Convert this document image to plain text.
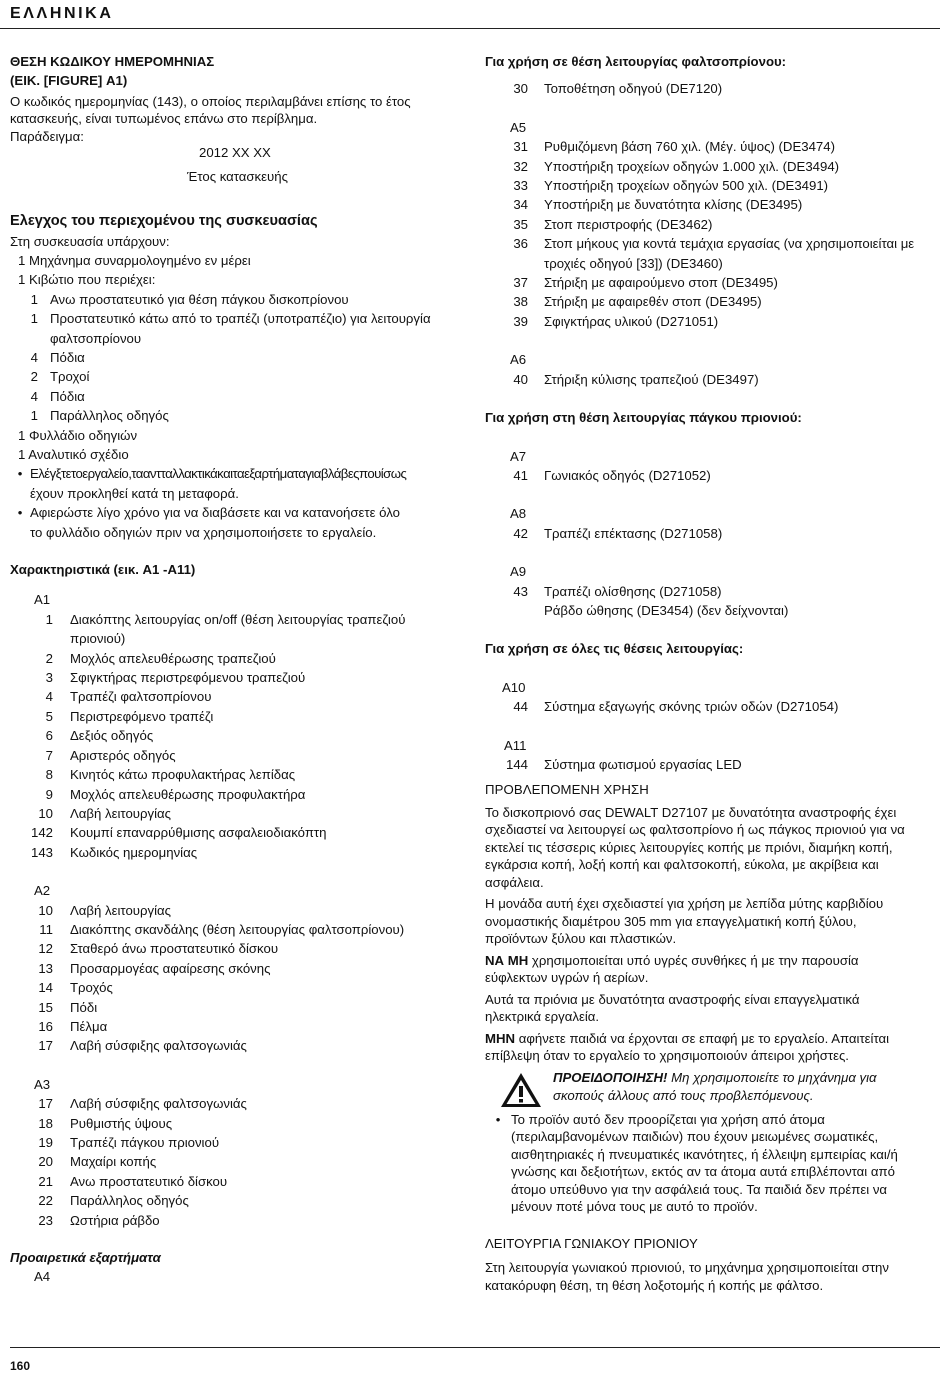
ΕΛΛΗΝΙΚΑ

ΘΕΣΗ ΚΩΔΙΚΟΥ ΗΜΕΡΟΜΗΝΙΑΣ

(ΕΙΚ. [FIGURE] A1)

Ο κωδικός ημερομηνίας (143), ο οποίος περιλαμβάνει επίσης το έτος

κατασκευής, είναι τυπωμένος επάνω στο περίβλημα.

Παράδειγμα:

2012 XX XX

Έτος κατασκευής

Ελεγχος του περιεχομένου της συσκευασίας

Στη συσκευασία υπάρχουν:

1 Μηχάνημα συναρμολογημένο εν μέρει

1 Κιβώτιο που περιέχει:

1 Ανω προστατευτικό για θέση πάγκου δισκοπρίονου
1 Προστατευτικό κάτω από το τραπέζι (υποτραπέζιο) για λειτουργία
φαλτσοπρίονου
4 Πόδια
2 Τροχοί
4 Πόδια
1 Παράλληλος οδηγός

1 Φυλλάδιο οδηγιών

1 Αναλυτικό σχέδιο

• Ελέγξτετοεργαλείο,τααντταλλακτικάκαιταεξαρτήματαγιαβλάβεςπουίσως
έχουν προκληθεί κατά τη μεταφορά.
• Αφιερώστε λίγο χρόνο για να διαβάσετε και να κατανοήσετε όλο
το φυλλάδιο οδηγιών πριν να χρησιμοποιήσετε το εργαλείο.

Χαρακτηριστικά (εικ. A1 -A11)

A1

1	Διακόπτης λειτουργίας on/off (θέση λειτουργίας τραπεζιού
πριονιού)
2	Μοχλός απελευθέρωσης τραπεζιού
3	Σφιγκτήρας περιστρεφόμενου τραπεζιού
4	Τραπέζι φαλτσοπρίονου
5	Περιστρεφόμενο τραπέζι
6	Δεξιός οδηγός
7	Αριστερός οδηγός
8	Κινητός κάτω προφυλακτήρας λεπίδας
9	Μοχλός απελευθέρωσης προφυλακτήρα
10	Λαβή λειτουργίας
142	Κουμπί επαναρρύθμισης ασφαλειοδιακόπτη
143	Κωδικός ημερομηνίας

A2

10	Λαβή λειτουργίας
11	Διακόπτης σκανδάλης (θέση λειτουργίας φαλτσοπρίονου)
12	Σταθερό άνω προστατευτικό δίσκου
13	Προσαρμογέας αφαίρεσης σκόνης
14	Τροχός
15	Πόδι
16	Πέλμα
17	Λαβή σύσφιξης φαλτσογωνιάς

A3

17	Λαβή σύσφιξης φαλτσογωνιάς
18	Ρυθμιστής ύψους
19	Τραπέζι πάγκου πριονιού
20	Μαχαίρι κοπής
21	Ανω προστατευτικό δίσκου
22	Παράλληλος οδηγός
23	Ωστήρια ράβδο

Προαιρετικά εξαρτήματα

A4

Για χρήση σε θέση λειτουργίας φαλτσοπρίονου:

30	Τοποθέτηση οδηγού (DE7120)

A5

31	Ρυθμιζόμενη βάση 760 χιλ. (Μέγ. ύψος) (DE3474)
32	Υποστήριξη τροχείων οδηγών 1.000 χιλ. (DE3494)
33	Υποστήριξη τροχείων οδηγών 500 χιλ. (DE3491)
34	Υποστήριξη με δυνατότητα κλίσης (DE3495)
35	Στοπ περιστροφής (DE3462)
36	Στοπ μήκους για κοντά τεμάχια εργασίας (να χρησιμοποιείται με
τροχιές οδηγού [33]) (DE3460)
37	Στήριξη με αφαιρούμενο στοπ (DE3495)
38	Στήριξη με αφαιρεθέν στοπ (DE3495)
39	Σφιγκτήρας υλικού (D271051)

A6

40	Στήριξη κύλισης τραπεζιού (DE3497)

Για χρήση στη θέση λειτουργίας πάγκου πριονιού:

A7

41	Γωνιακός οδηγός (D271052)

A8

42	Τραπέζι επέκτασης (D271058)

A9

43	Τραπέζι ολίσθησης (D271058)
Ράβδο ώθησης (DE3454) (δεν δείχνονται)

Για χρήση σε όλες τις θέσεις λειτουργίας:

A10

44	Σύστημα εξαγωγής σκόνης τριών οδών (D271054)

A11

144	Σύστημα φωτισμού εργασίας LED

ΠΡΟΒΛΕΠΟΜΕΝΗ ΧΡΗΣΗ

Το δισκοπριονό σας DEWALT D27107 με δυνατότητα αναστροφής έχει

σχεδιαστεί να λειτουργεί ως φαλτσοπρίονο ή ως πάγκος πριονιού για να

εκτελεί τις τέσσερις κύριες λειτουργίες κοπής με πριόνι, διαμήκη κοπή,

εγκάρσια κοπή, λοξή κοπή και φαλτσοκοπή, εύκολα, με ακρίβεια και

ασφάλεια.

Η μονάδα αυτή έχει σχεδιαστεί για χρήση με λεπίδα μύτης καρβιδίου

ονομαστικής διαμέτρου 305 mm για επαγγελματική κοπή ξύλου,

προϊόντων ξύλου και πλαστικών.

ΝΑ ΜΗ χρησιμοποιείται υπό υγρές συνθήκες ή με την παρουσία

εύφλεκτων υγρών ή αερίων.

Αυτά τα πριόνια με δυνατότητα αναστροφής είναι επαγγελματικά

ηλεκτρικά εργαλεία.

ΜΗΝ αφήνετε παιδιά να έρχονται σε επαφή με το εργαλείο. Απαιτείται

επίβλεψη όταν το εργαλείο το χρησιμοποιούν άπειροι χρήστες.

ΠΡΟΕΙΔΟΠΟΙΗΣΗ! Μη χρησιμοποιείτε το μηχάνημα για

σκοπούς άλλους από τους προβλεπόμενους.

• Το προϊόν αυτό δεν προορίζεται για χρήση από άτομα

(περιλαμβανομένων παιδιών) που έχουν μειωμένες σωματικές,

αισθητηριακές ή πνευματικές ικανότητες, ή έλλειψη εμπειρίας και/ή

γνώσης και δεξιοτήτων, εκτός αν τα άτομα αυτά επιβλέπονται από

άτομο υπεύθυνο για την ασφάλειά τους. Τα παιδιά δεν πρέπει να

μένουν ποτέ μόνα τους με αυτό το προϊόν.

ΛΕΙΤΟΥΡΓΙΑ ΓΩΝΙΑΚΟΥ ΠΡΙΟΝΙΟΥ

Στη λειτουργία γωνιακού πριονιού, το μηχάνημα χρησιμοποιείται στην

κατακόρυφη θέση, τη θέση λοξοτομής ή κοπής με φάλτσο.

160
